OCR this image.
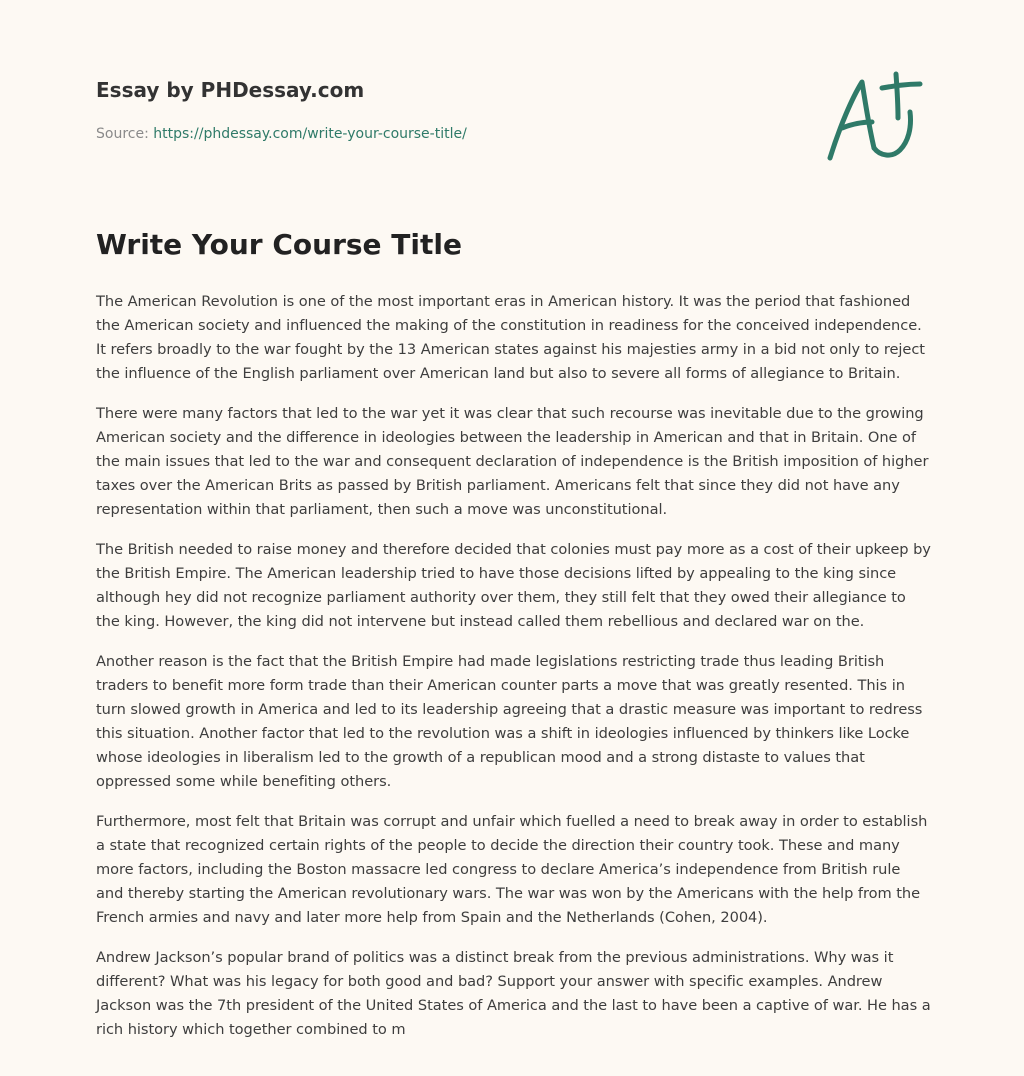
Essay by PHDessay.com
Source: https://phdessay.com/write-your-course-title/
Write Your Course Title

The American Revolution is one of the most important eras in American history. It was the period that fashioned the American society and influenced the making of the constitution in readiness for the conceived independence. It refers broadly to the war fought by the 13 American states against his majesties army in a bid not only to reject the influence of the English parliament over American land but also to severe all forms of allegiance to Britain.

There were many factors that led to the war yet it was clear that such recourse was inevitable due to the growing American society and the difference in ideologies between the leadership in American and that in Britain. One of the main issues that led to the war and consequent declaration of independence is the British imposition of higher taxes over the American Brits as passed by British parliament. Americans felt that since they did not have any representation within that parliament, then such a move was unconstitutional.

The British needed to raise money and therefore decided that colonies must pay more as a cost of their upkeep by the British Empire. The American leadership tried to have those decisions lifted by appealing to the king since although hey did not recognize parliament authority over them, they still felt that they owed their allegiance to the king. However, the king did not intervene but instead called them rebellious and declared war on the.

Another reason is the fact that the British Empire had made legislations restricting trade thus leading British traders to benefit more form trade than their American counter parts a move that was greatly resented. This in turn slowed growth in America and led to its leadership agreeing that a drastic measure was important to redress this situation. Another factor that led to the revolution was a shift in ideologies influenced by thinkers like Locke whose ideologies in liberalism led to the growth of a republican mood and a strong distaste to values that oppressed some while benefiting others.

Furthermore, most felt that Britain was corrupt and unfair which fuelled a need to break away in order to establish a state that recognized certain rights of the people to decide the direction their country took. These and many more factors, including the Boston massacre led congress to declare America’s independence from British rule and thereby starting the American revolutionary wars. The war was won by the Americans with the help from the French armies and navy and later more help from Spain and the Netherlands (Cohen, 2004).

Andrew Jackson’s popular brand of politics was a distinct break from the previous administrations. Why was it different? What was his legacy for both good and bad? Support your answer with specific examples. Andrew Jackson was the 7th president of the United States of America and the last to have been a captive of war. He has a rich history which together combined to m
